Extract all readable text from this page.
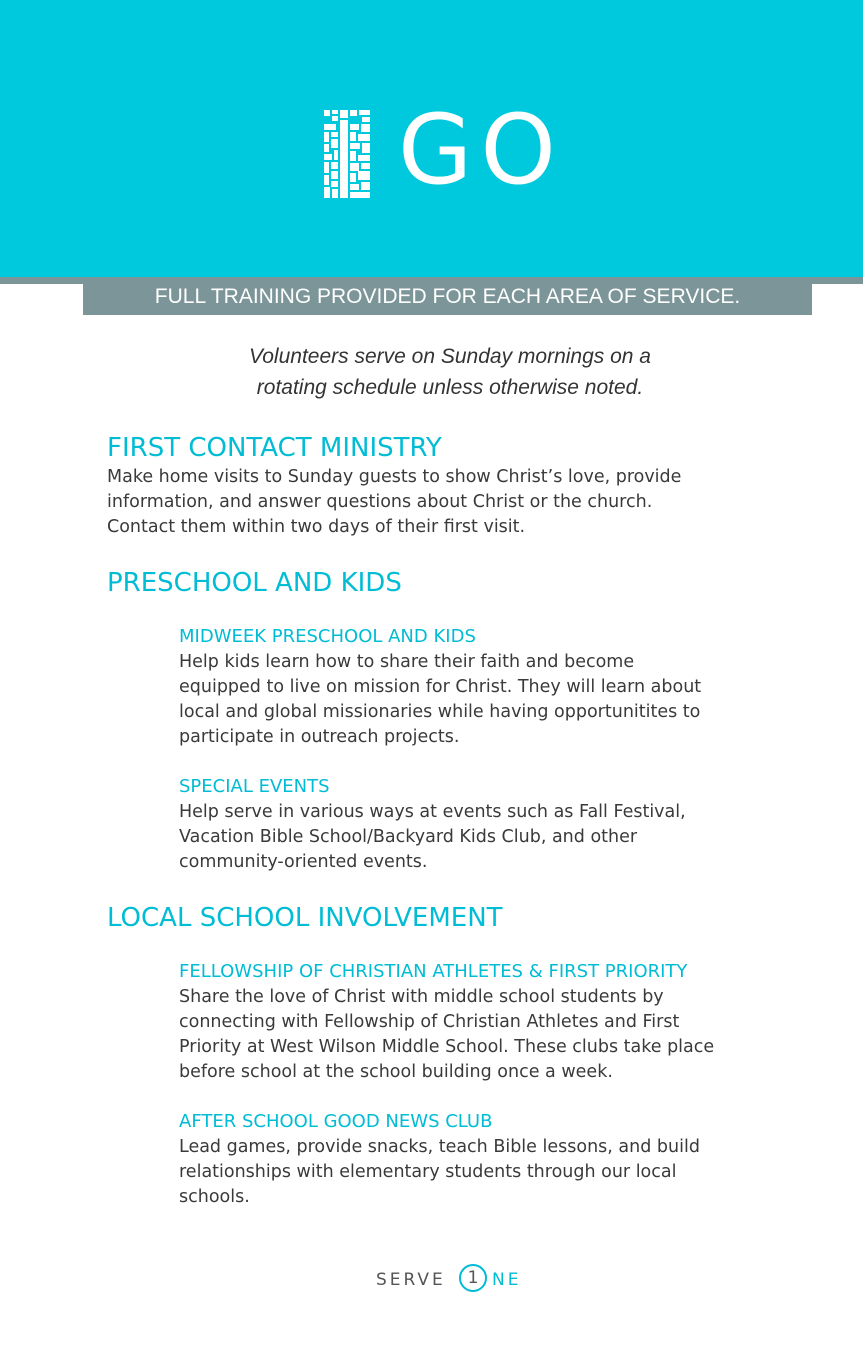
GO
FULL TRAINING PROVIDED FOR EACH AREA OF SERVICE.
Volunteers serve on Sunday mornings on a
rotating schedule unless otherwise noted.
FIRST CONTACT MINISTRY
Make home visits to Sunday guests to show Christ’s love, provide
information, and answer questions about Christ or the church.
Contact them within two days of their first visit.
PRESCHOOL AND KIDS
MIDWEEK PRESCHOOL AND KIDS
Help kids learn how to share their faith and become
equipped to live on mission for Christ. They will learn about
local and global missionaries while having opportunitites to
participate in outreach projects.
SPECIAL EVENTS
Help serve in various ways at events such as Fall Festival,
Vacation Bible School/Backyard Kids Club, and other
community-oriented events.
LOCAL SCHOOL INVOLVEMENT
FELLOWSHIP OF CHRISTIAN ATHLETES & FIRST PRIORITY
Share the love of Christ with middle school students by
connecting with Fellowship of Christian Athletes and First
Priority at West Wilson Middle School. These clubs take place
before school at the school building once a week.
AFTER SCHOOL GOOD NEWS CLUB
Lead games, provide snacks, teach Bible lessons, and build
relationships with elementary students through our local
schools.
SERVE	1 NE
